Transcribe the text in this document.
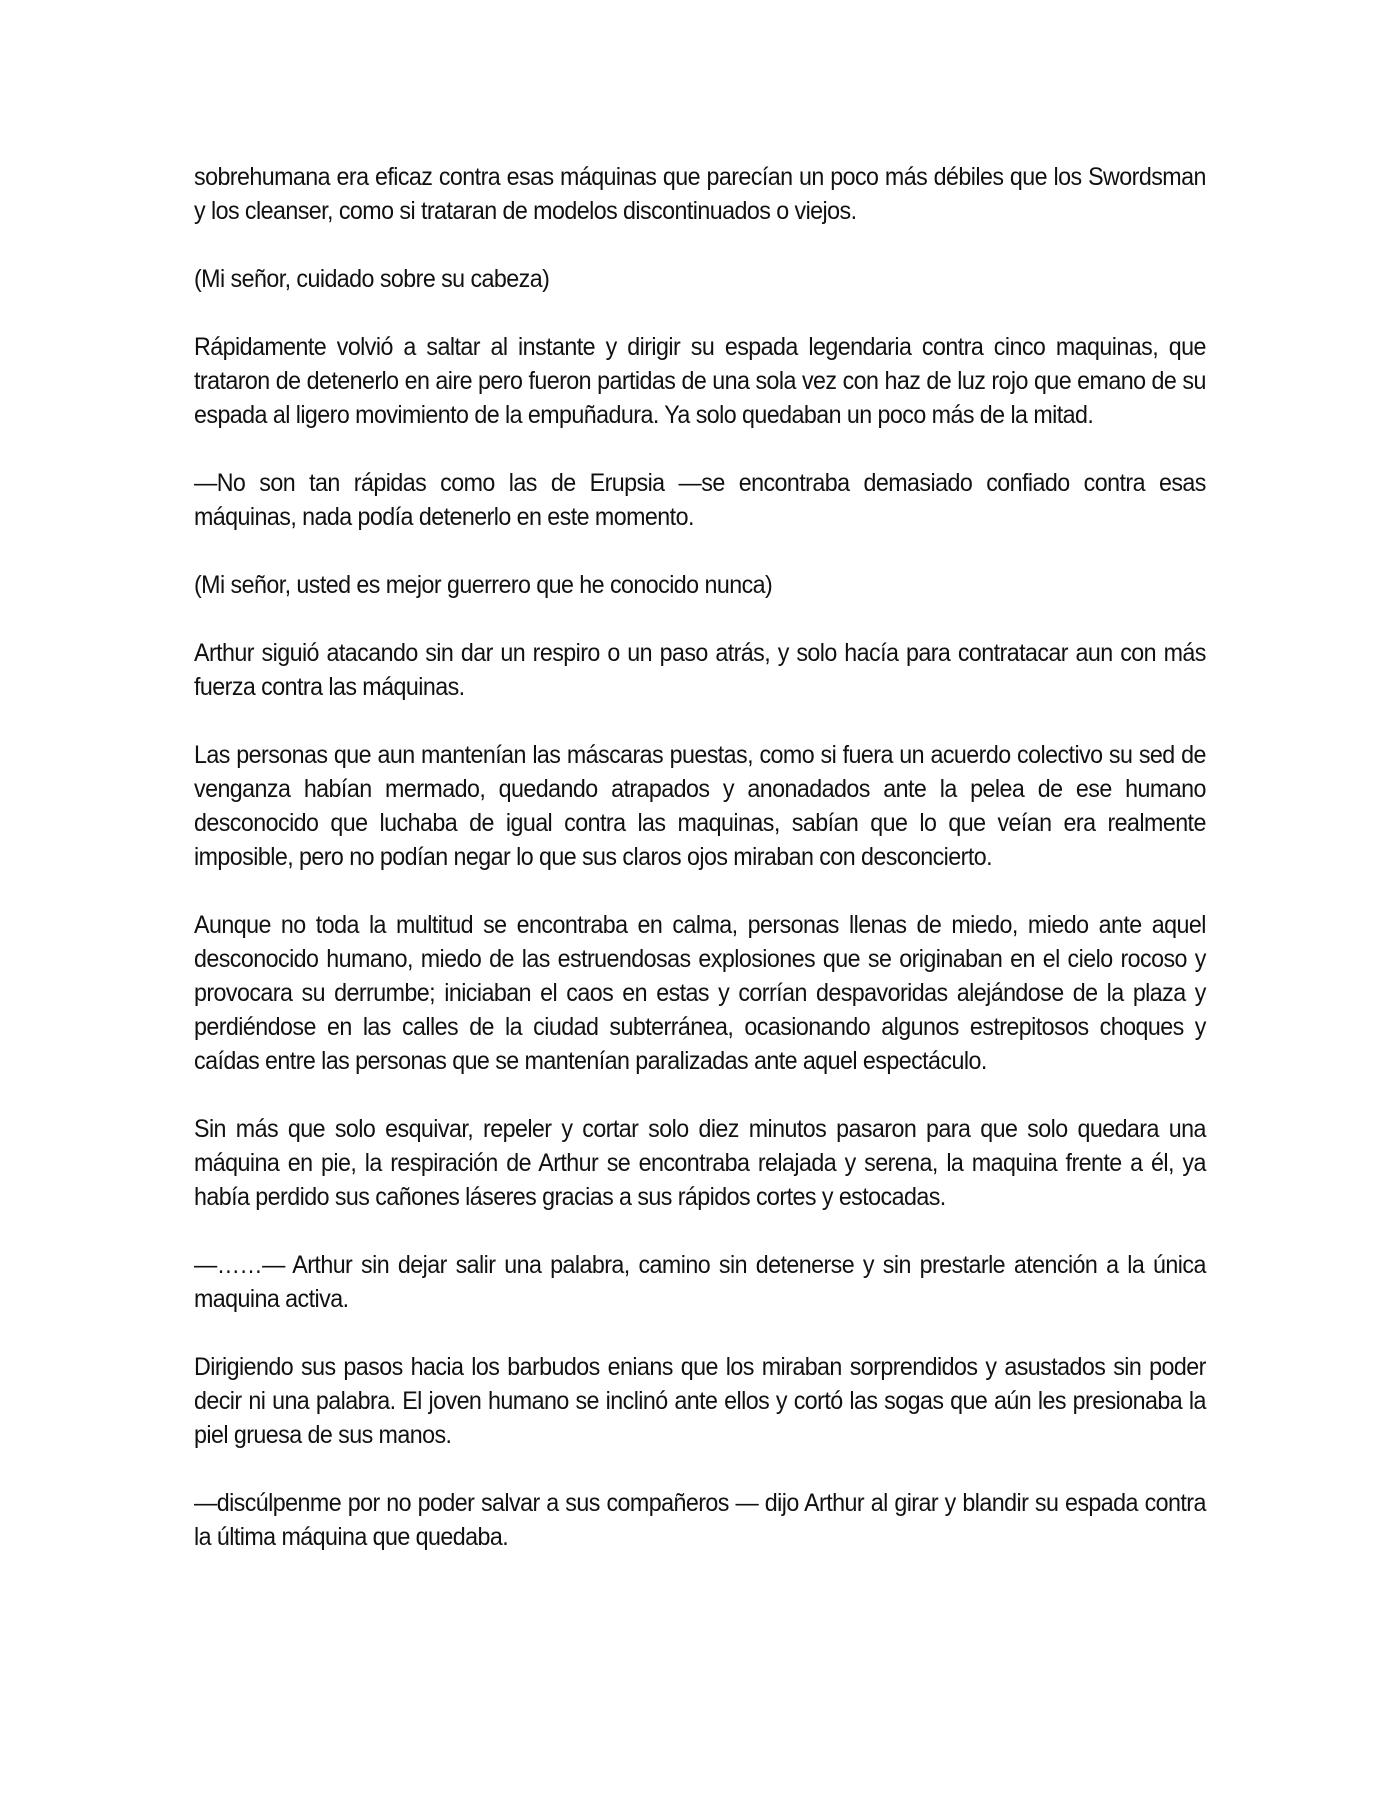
sobrehumana era eficaz contra esas máquinas que parecían un poco más débiles que los Swordsman y los cleanser, como si trataran de modelos discontinuados o viejos.

(Mi señor, cuidado sobre su cabeza)

Rápidamente volvió a saltar al instante y dirigir su espada legendaria contra cinco maquinas, que trataron de detenerlo en aire pero fueron partidas de una sola vez con haz de luz rojo que emano de su espada al ligero movimiento de la empuñadura. Ya solo quedaban un poco más de la mitad.

—No son tan rápidas como las de Erupsia —se encontraba demasiado confiado contra esas máquinas, nada podía detenerlo en este momento.

(Mi señor, usted es mejor guerrero que he conocido nunca)

Arthur siguió atacando sin dar un respiro o un paso atrás, y solo hacía para contratacar aun con más fuerza contra las máquinas.

Las personas que aun mantenían las máscaras puestas, como si fuera un acuerdo colectivo su sed de venganza habían mermado, quedando atrapados y anonadados ante la pelea de ese humano desconocido que luchaba de igual contra las maquinas, sabían que lo que veían era realmente imposible, pero no podían negar lo que sus claros ojos miraban con desconcierto.

Aunque no toda la multitud se encontraba en calma, personas llenas de miedo, miedo ante aquel desconocido humano, miedo de las estruendosas explosiones que se originaban en el cielo rocoso y provocara su derrumbe; iniciaban el caos en estas y corrían despavoridas alejándose de la plaza y perdiéndose en las calles de la ciudad subterránea, ocasionando algunos estrepitosos choques y caídas entre las personas que se mantenían paralizadas ante aquel espectáculo.

Sin más que solo esquivar, repeler y cortar solo diez minutos pasaron para que solo quedara una máquina en pie, la respiración de Arthur se encontraba relajada y serena, la maquina frente a él, ya había perdido sus cañones láseres gracias a sus rápidos cortes y estocadas.

—……— Arthur sin dejar salir una palabra, camino sin detenerse y sin prestarle atención a la única maquina activa.

Dirigiendo sus pasos hacia los barbudos enians que los miraban sorprendidos y asustados sin poder decir ni una palabra. El joven humano se inclinó ante ellos y cortó las sogas que aún les presionaba la piel gruesa de sus manos.

—discúlpenme por no poder salvar a sus compañeros — dijo Arthur al girar y blandir su espada contra la última máquina que quedaba.
